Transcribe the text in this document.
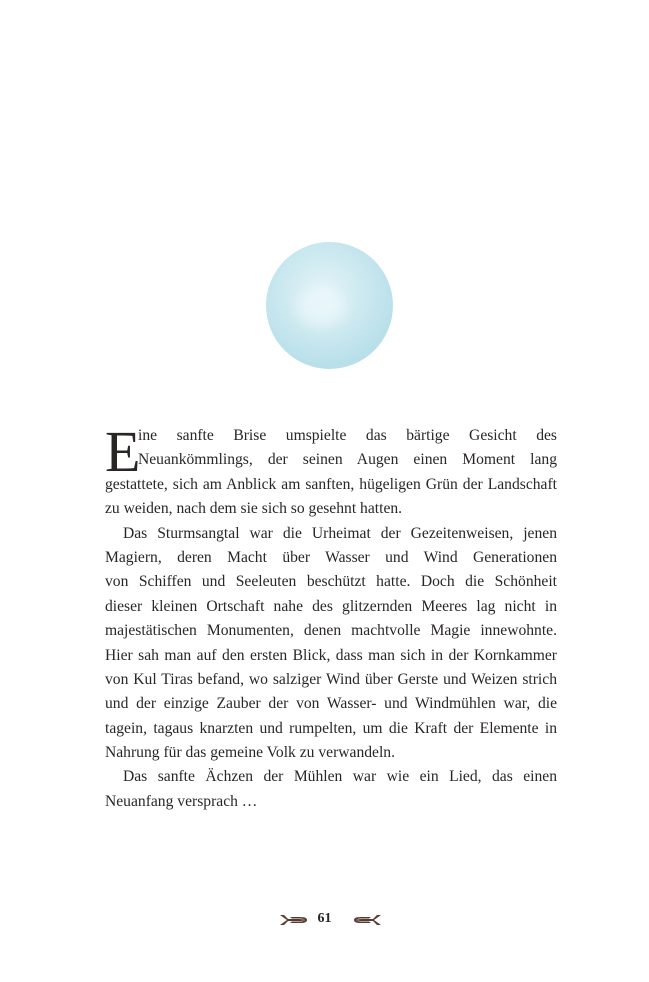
E
ine sanfte Brise umspielte das bärtige Gesicht des
Neuankömmlings, der seinen Augen einen Moment lang
gestattete, sich am Anblick am sanften, hügeligen Grün der Landschaft
zu weiden, nach dem sie sich so gesehnt hatten.
Das Sturmsangtal war die Urheimat der Gezeitenweisen, jenen
Magiern, deren Macht über Wasser und Wind Generationen
von Schiffen und Seeleuten beschützt hatte. Doch die Schönheit
dieser kleinen Ortschaft nahe des glitzernden Meeres lag nicht in
majestätischen Monumenten, denen machtvolle Magie innewohnte.
Hier sah man auf den ersten Blick, dass man sich in der Kornkammer
von Kul Tiras befand, wo salziger Wind über Gerste und Weizen strich
und der einzige Zauber der von Wasser- und Windmühlen war, die
tagein, tagaus knarzten und rumpelten, um die Kraft der Elemente in
Nahrung für das gemeine Volk zu verwandeln.
Das sanfte Ächzen der Mühlen war wie ein Lied, das einen
Neuanfang versprach …
61
